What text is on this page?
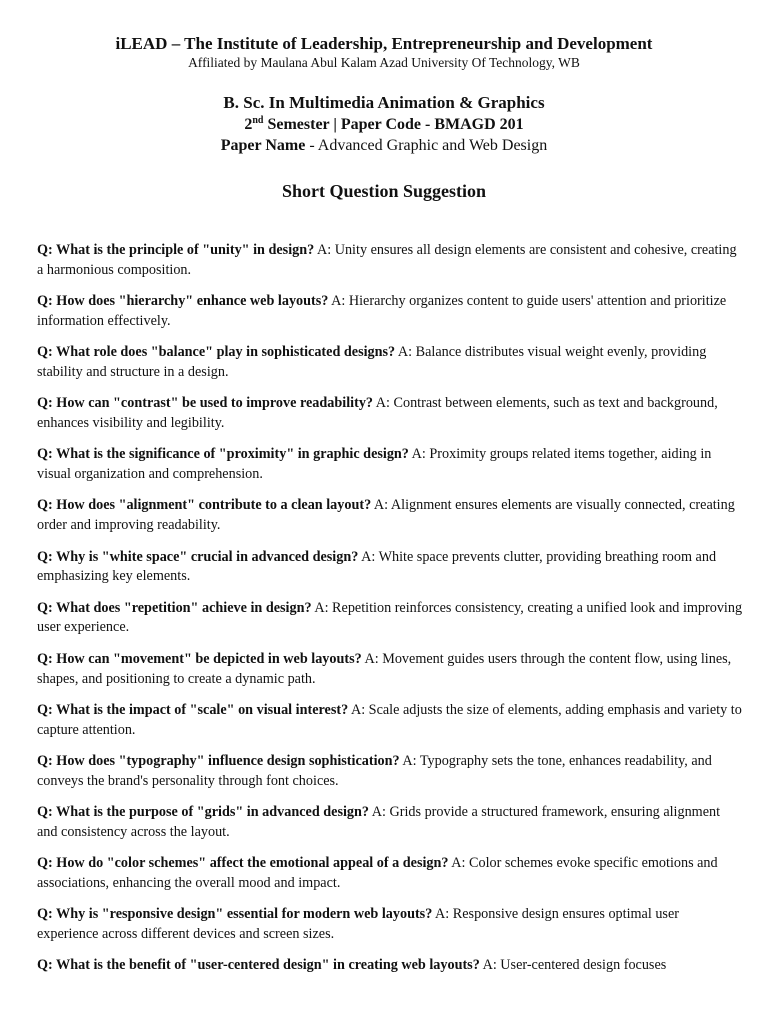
iLEAD – The Institute of Leadership, Entrepreneurship and Development

Affiliated by Maulana Abul Kalam Azad University Of Technology, WB

B. Sc. In Multimedia Animation & Graphics

2nd Semester | Paper Code - BMAGD 201

Paper Name - Advanced Graphic and Web Design

Short Question Suggestion

Q: What is the principle of "unity" in design? A: Unity ensures all design elements are consistent and cohesive, creating a harmonious composition.
Q: How does "hierarchy" enhance web layouts? A: Hierarchy organizes content to guide users' attention and prioritize information effectively.
Q: What role does "balance" play in sophisticated designs? A: Balance distributes visual weight evenly, providing stability and structure in a design.
Q: How can "contrast" be used to improve readability? A: Contrast between elements, such as text and background, enhances visibility and legibility.
Q: What is the significance of "proximity" in graphic design? A: Proximity groups related items together, aiding in visual organization and comprehension.
Q: How does "alignment" contribute to a clean layout? A: Alignment ensures elements are visually connected, creating order and improving readability.
Q: Why is "white space" crucial in advanced design? A: White space prevents clutter, providing breathing room and emphasizing key elements.
Q: What does "repetition" achieve in design? A: Repetition reinforces consistency, creating a unified look and improving user experience.
Q: How can "movement" be depicted in web layouts? A: Movement guides users through the content flow, using lines, shapes, and positioning to create a dynamic path.
Q: What is the impact of "scale" on visual interest? A: Scale adjusts the size of elements, adding emphasis and variety to capture attention.
Q: How does "typography" influence design sophistication? A: Typography sets the tone, enhances readability, and conveys the brand's personality through font choices.
Q: What is the purpose of "grids" in advanced design? A: Grids provide a structured framework, ensuring alignment and consistency across the layout.
Q: How do "color schemes" affect the emotional appeal of a design? A: Color schemes evoke specific emotions and associations, enhancing the overall mood and impact.
Q: Why is "responsive design" essential for modern web layouts? A: Responsive design ensures optimal user experience across different devices and screen sizes.
Q: What is the benefit of "user-centered design" in creating web layouts? A: User-centered design focuses
